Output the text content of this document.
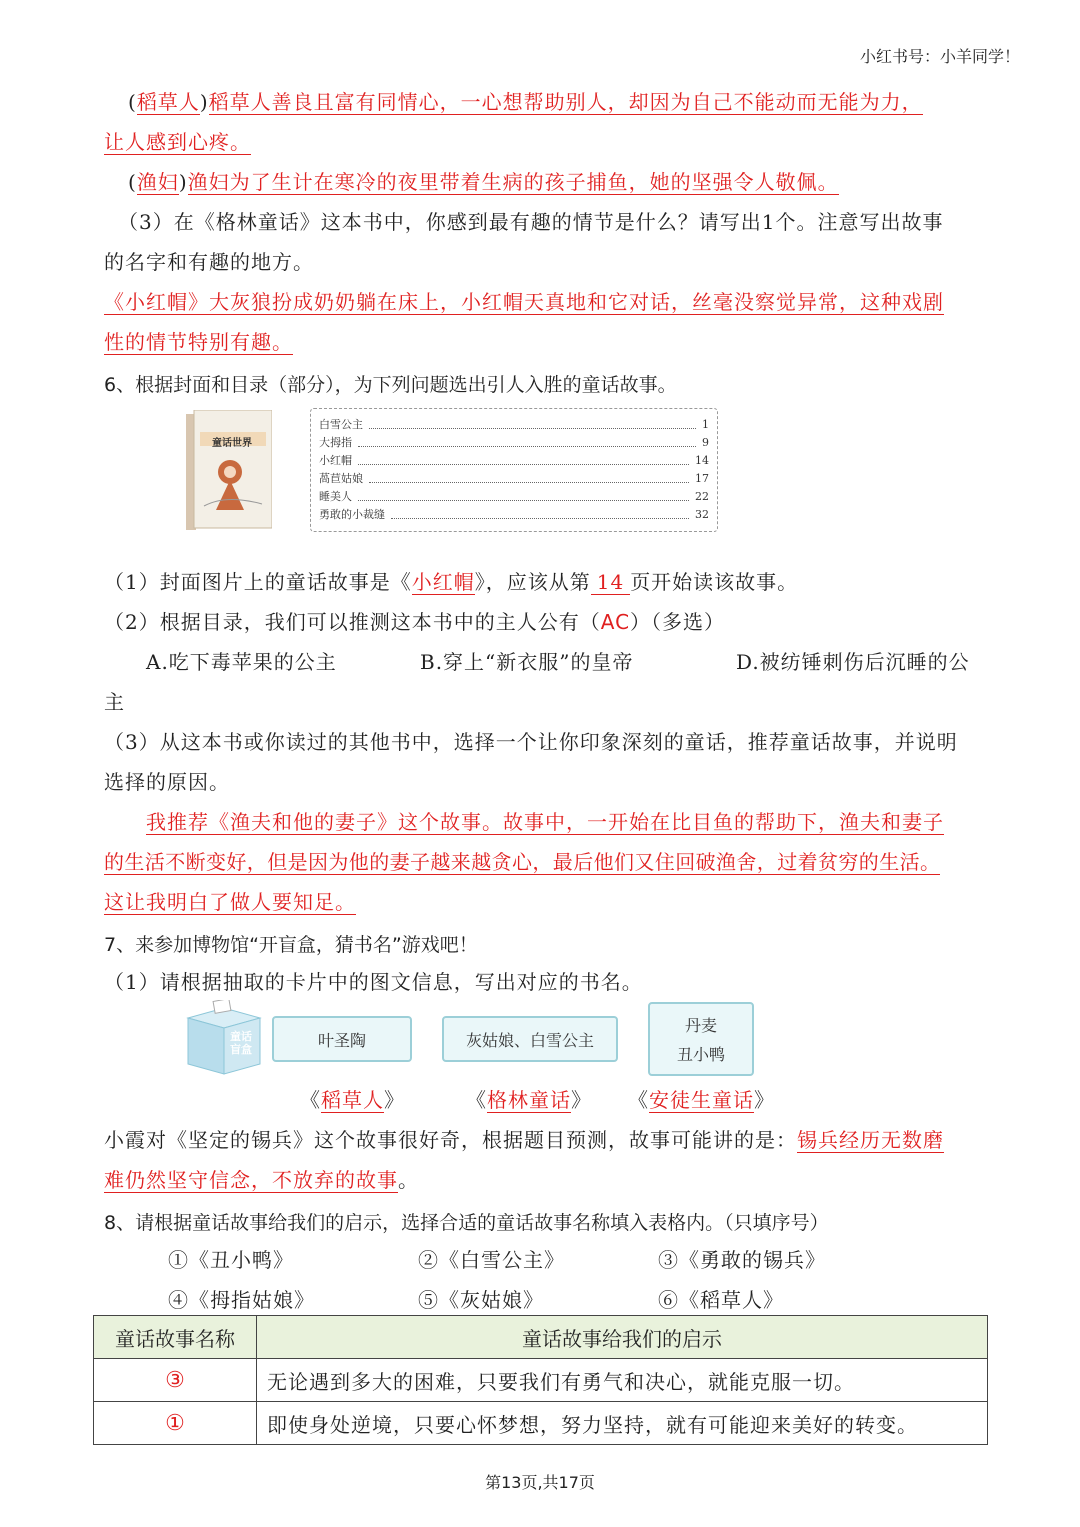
小红书号：小羊同学！
(稻草人)稻草人善良且富有同情心，一心想帮助别人，却因为自己不能动而无能为力，
让人感到心疼。
(渔妇)渔妇为了生计在寒冷的夜里带着生病的孩子捕鱼，她的坚强令人敬佩。
（3）在《格林童话》这本书中，你感到最有趣的情节是什么？请写出1个。注意写出故事
的名字和有趣的地方。
《小红帽》大灰狼扮成奶奶躺在床上，小红帽天真地和它对话，丝毫没察觉异常，这种戏剧
性的情节特别有趣。
6、根据封面和目录（部分），为下列问题选出引人入胜的童话故事。
童话世界
白雪公主	1
大拇指	9
小红帽	14
萵苣姑娘	17
睡美人	22
勇敢的小裁缝	32
（1）封面图片上的童话故事是《小红帽》，应该从第 14 页开始读该故事。
（2）根据目录，我们可以推测这本书中的主人公有（AC）（多选）
A.吃下毒苹果的公主	B.穿上“新衣服”的皇帝	D.被纺锤刺伤后沉睡的公
主
（3）从这本书或你读过的其他书中，选择一个让你印象深刻的童话，推荐童话故事，并说明
选择的原因。
我推荐《渔夫和他的妻子》这个故事。故事中，一开始在比目鱼的帮助下，渔夫和妻子
的生活不断变好，但是因为他的妻子越来越贪心，最后他们又住回破渔舍，过着贫穷的生活。
这让我明白了做人要知足。
7、来参加博物馆“开盲盒，猜书名”游戏吧！
（1）请根据抽取的卡片中的图文信息，写出对应的书名。
童话盲盒	叶圣陶	灰姑娘、白雪公主
丹麦
丑小鸭
《稻草人》	《格林童话》 《安徒生童话》
小霞对《坚定的锡兵》这个故事很好奇，根据题目预测，故事可能讲的是：锡兵经历无数磨
难仍然坚守信念，不放弃的故事。
8、请根据童话故事给我们的启示，选择合适的童话故事名称填入表格内。（只填序号）
①《丑小鸭》	②《白雪公主》	③《勇敢的锡兵》
④《拇指姑娘》	⑤《灰姑娘》	⑥《稻草人》
童话故事名称	童话故事给我们的启示
③	无论遇到多大的困难，只要我们有勇气和决心，就能克服一切。
①	即使身处逆境，只要心怀梦想，努力坚持，就有可能迎来美好的转变。
第13页,共17页
